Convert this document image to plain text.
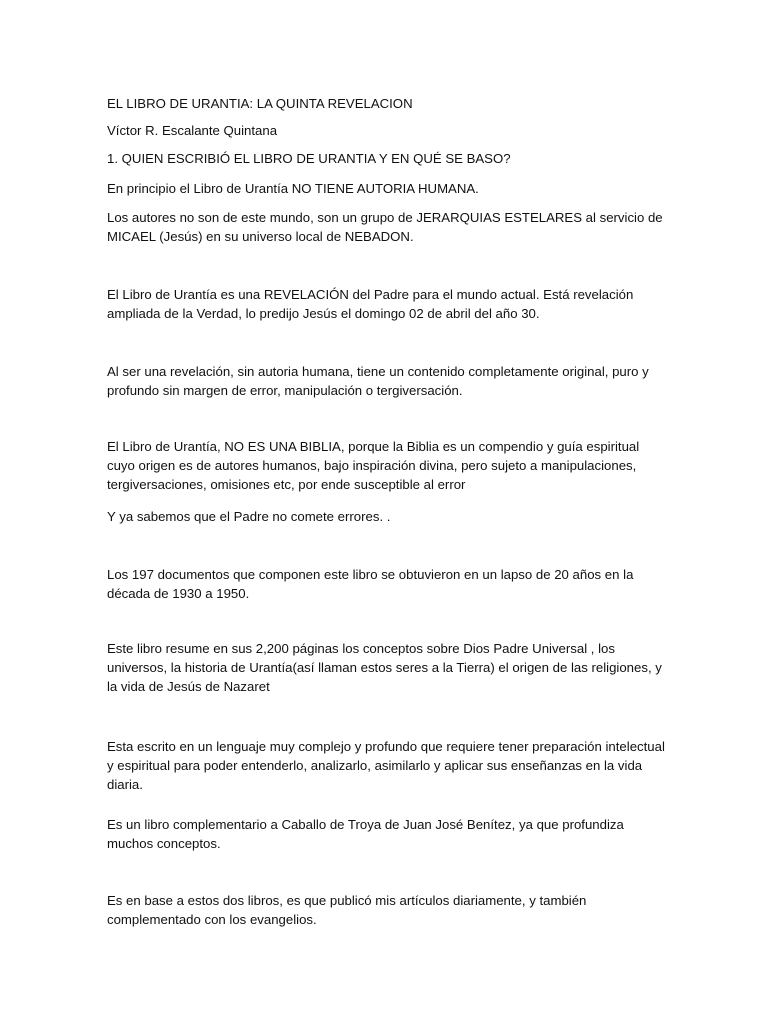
EL LIBRO DE URANTIA: LA QUINTA REVELACION
Víctor R. Escalante Quintana
1. QUIEN ESCRIBIÓ EL LIBRO DE URANTIA Y EN QUÉ SE BASO?
En principio el Libro de Urantía NO TIENE AUTORIA HUMANA.
Los autores no son de este mundo, son un grupo de JERARQUIAS ESTELARES al servicio de MICAEL (Jesús) en su universo local de NEBADON.
El Libro de Urantía es una REVELACIÓN del Padre para el mundo actual. Está revelación ampliada de la Verdad, lo predijo Jesús el domingo 02 de abril del año 30.
Al ser una revelación, sin autoria humana, tiene un contenido completamente original, puro y profundo sin margen de error, manipulación o tergiversación.
El Libro de Urantía, NO ES UNA BIBLIA, porque la Biblia es un compendio y guía espiritual cuyo origen es de autores humanos, bajo inspiración divina, pero sujeto a manipulaciones, tergiversaciones, omisiones etc, por ende susceptible al error
Y ya sabemos que el Padre no comete errores. .
Los 197 documentos que componen este libro se obtuvieron en un lapso de 20 años en la década de 1930 a 1950.
Este libro resume en sus 2,200 páginas los conceptos sobre Dios Padre Universal , los universos, la historia de Urantía(así llaman estos seres a la Tierra) el origen de las religiones, y la vida de Jesús de Nazaret
Esta escrito en un lenguaje muy complejo y profundo que requiere tener preparación intelectual y espiritual para poder entenderlo, analizarlo, asimilarlo y aplicar sus enseñanzas en la vida diaria.
Es un libro complementario a Caballo de Troya de Juan José Benítez, ya que profundiza muchos conceptos.
Es en base a estos dos libros, es que publicó mis artículos diariamente, y también complementado con los evangelios.
